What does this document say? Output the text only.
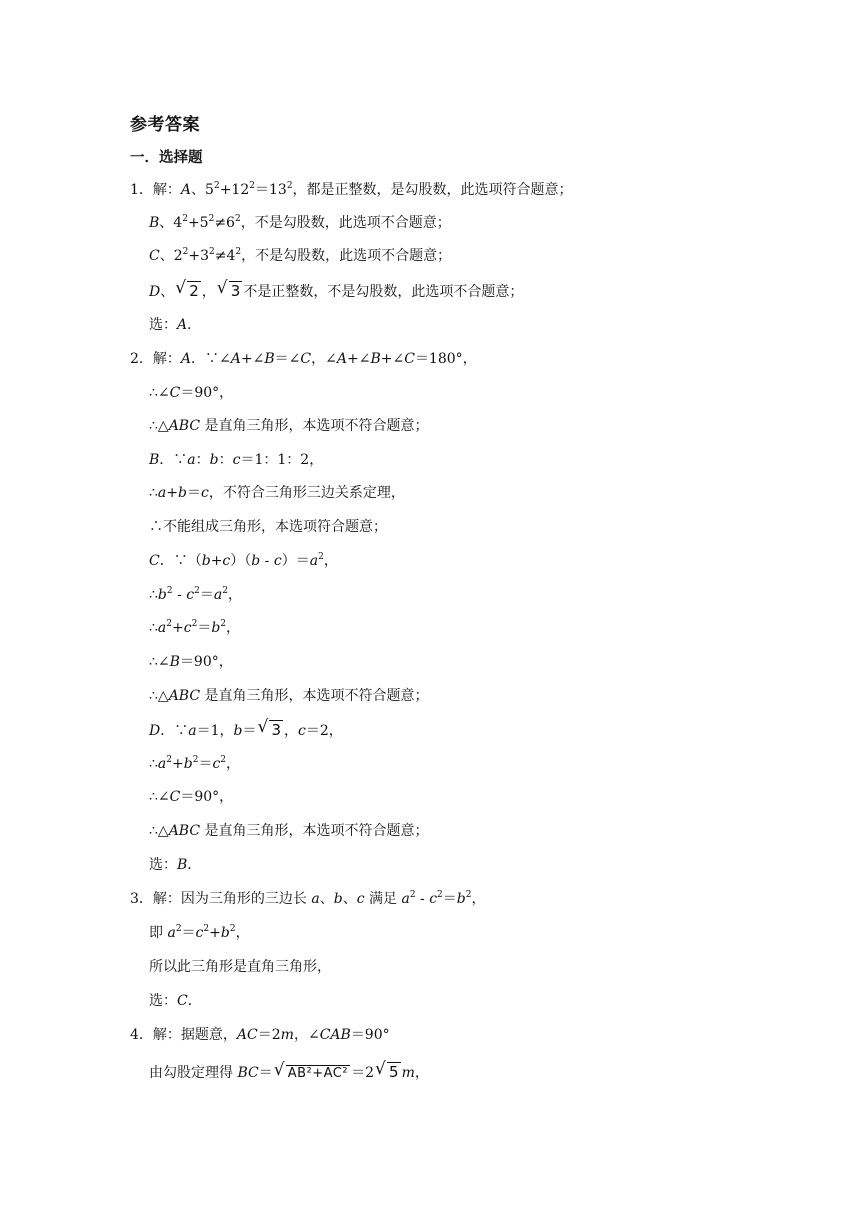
参考答案
一．选择题
1．解：A、$5^2+12^2=13^2$，都是正整数，是勾股数，此选项符合题意；
B、$4^2+5^2\ne 6^2$，不是勾股数，此选项不合题意；
C、$2^2+3^2\ne 4^2$，不是勾股数，此选项不合题意；
D、 √ 2 ， √ 3 不是正整数，不是勾股数，此选项不合题意；
选：A．
2．解：A．∵∠A+∠B＝∠C，∠A+∠B+∠C＝180°，
∴∠C＝90°，
∴△ABC 是直角三角形，本选项不符合题意；
B．∵a：b：c＝1：1：2，
∴a+b＝c，不符合三角形三边关系定理，
∴不能组成三角形，本选项符合题意；
C．∵（b+c）（b - $c)=a^2$，
$\therefore b^2 - c^2=a^2$，
$\therefore a^2+c^2=b^2$，
∴∠B＝90°，
∴△ABC 是直角三角形，本选项不符合题意；
D．∵a＝1，b＝ √ 3 ，c＝2，
$\therefore a^2+b^2=c^2$，
∴∠C＝90°，
∴△ABC 是直角三角形，本选项不符合题意；
选：B．
3．解：因为三角形的三边长 a、b、c 满足 $a^2 - c^2=b^2$，
即 $a^2=c^2+b^2$，
所以此三角形是直角三角形，
选：C．
4．解：据题意，AC＝2m，∠CAB＝90°
由勾股定理得 BC＝ √ AB²+AC² ＝2 √ 5 m，
